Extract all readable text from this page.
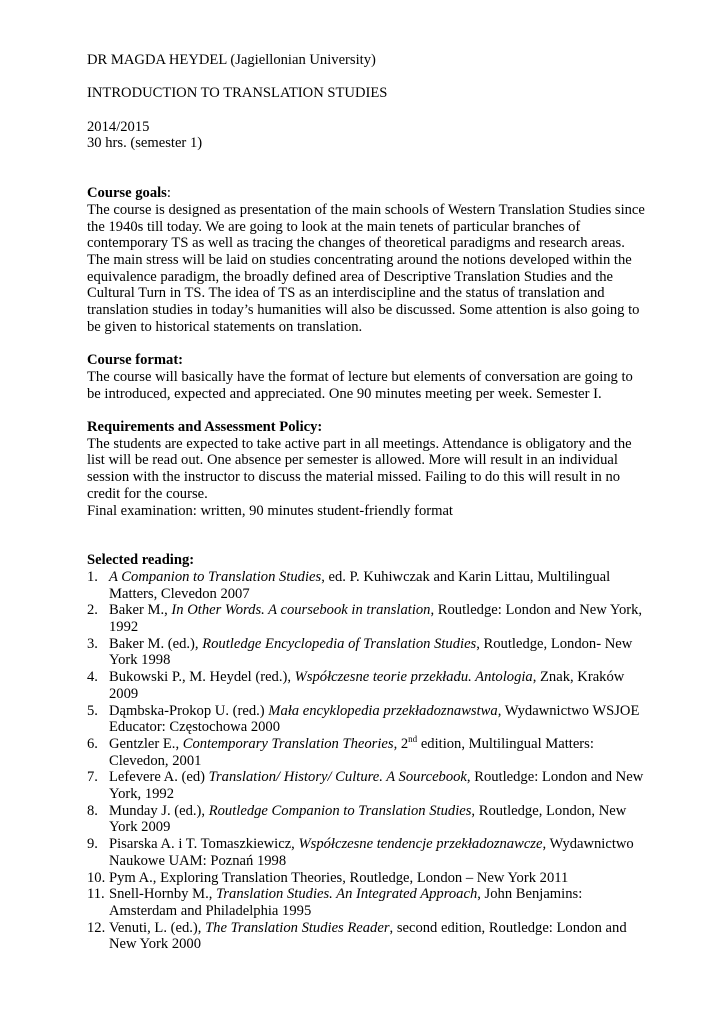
DR MAGDA HEYDEL (Jagiellonian University)
INTRODUCTION TO TRANSLATION STUDIES
2014/2015
30 hrs. (semester 1)
Course goals:
The course is designed as presentation of the main schools of Western Translation Studies since the 1940s till today. We are going to look at the main tenets of particular branches of contemporary TS as well as tracing the changes of theoretical paradigms and research areas. The main stress will be laid on studies concentrating around the notions developed within the equivalence paradigm, the broadly defined area of Descriptive Translation Studies and the Cultural Turn in TS. The idea of TS as an interdiscipline and the status of translation and translation studies in today’s humanities will also be discussed. Some attention is also going to be given to historical statements on translation.
Course format:
The course will basically have the format of lecture but elements of conversation are going to be introduced, expected and appreciated. One 90 minutes meeting per week. Semester I.
Requirements and Assessment Policy:
The students are expected to take active part in all meetings. Attendance is obligatory and the list will be read out. One absence per semester is allowed. More will result in an individual session with the instructor to discuss the material missed. Failing to do this will result in no credit for the course.
Final examination: written, 90 minutes student-friendly format
Selected reading:
1. A Companion to Translation Studies, ed. P. Kuhiwczak and Karin Littau, Multilingual Matters, Clevedon 2007
2. Baker M., In Other Words. A coursebook in translation, Routledge: London and New York, 1992
3. Baker M. (ed.), Routledge Encyclopedia of Translation Studies, Routledge, London- New York 1998
4. Bukowski P., M. Heydel (red.), Współczesne teorie przekładu. Antologia, Znak, Kraków 2009
5. Dąmbska-Prokop U. (red.) Mała encyklopedia przekładoznawstwa, Wydawnictwo WSJOE Educator: Częstochowa 2000
6. Gentzler E., Contemporary Translation Theories, 2nd edition, Multilingual Matters: Clevedon, 2001
7. Lefevere A. (ed) Translation/ History/ Culture. A Sourcebook, Routledge: London and New York, 1992
8. Munday J. (ed.), Routledge Companion to Translation Studies, Routledge, London, New York 2009
9. Pisarska A. i T. Tomaszkiewicz, Współczesne tendencje przekładoznawcze, Wydawnictwo Naukowe UAM: Poznań 1998
10. Pym A., Exploring Translation Theories, Routledge, London – New York 2011
11. Snell-Hornby M., Translation Studies. An Integrated Approach, John Benjamins: Amsterdam and Philadelphia 1995
12. Venuti, L. (ed.), The Translation Studies Reader, second edition, Routledge: London and New York 2000
